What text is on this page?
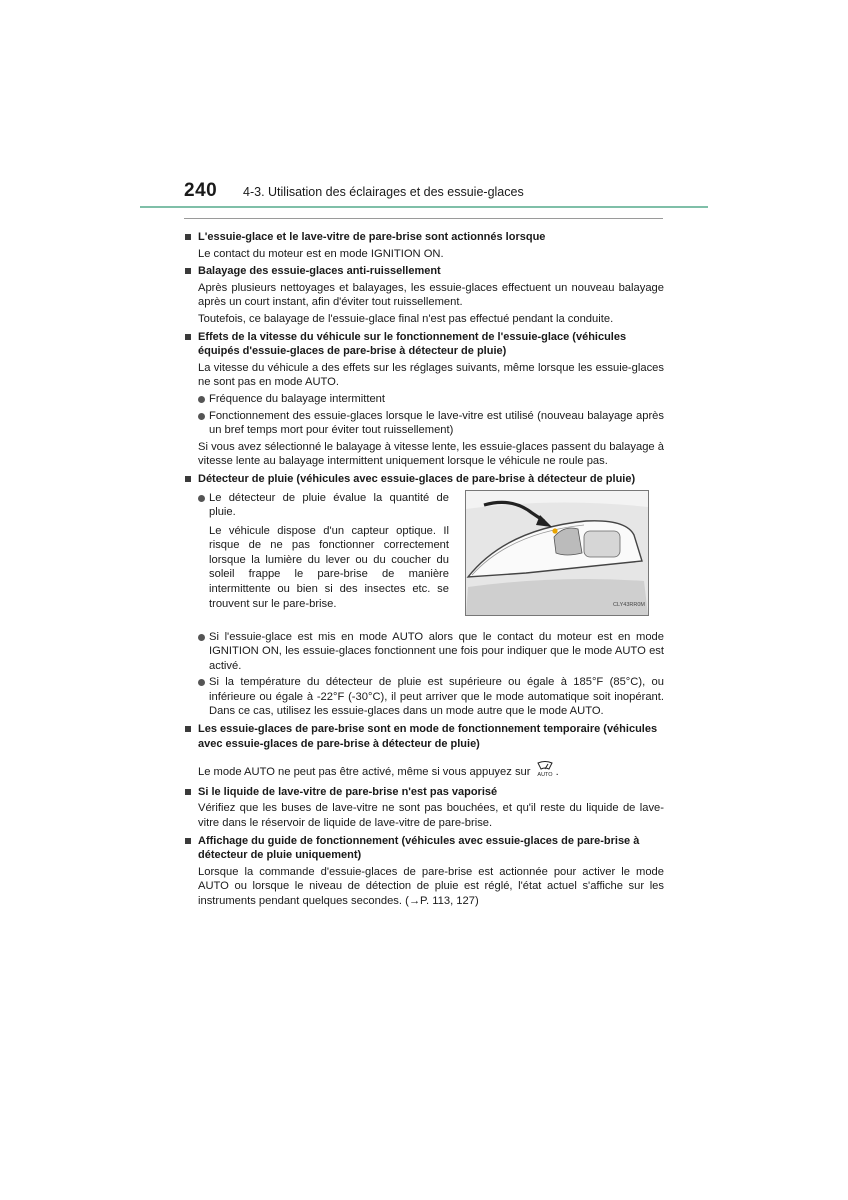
240 4-3. Utilisation des éclairages et des essuie-glaces
L'essuie-glace et le lave-vitre de pare-brise sont actionnés lorsque
Le contact du moteur est en mode IGNITION ON.
Balayage des essuie-glaces anti-ruissellement
Après plusieurs nettoyages et balayages, les essuie-glaces effectuent un nouveau balayage après un court instant, afin d'éviter tout ruissellement.
Toutefois, ce balayage de l'essuie-glace final n'est pas effectué pendant la conduite.
Effets de la vitesse du véhicule sur le fonctionnement de l'essuie-glace (véhicules équipés d'essuie-glaces de pare-brise à détecteur de pluie)
La vitesse du véhicule a des effets sur les réglages suivants, même lorsque les essuie-glaces ne sont pas en mode AUTO.
Fréquence du balayage intermittent
Fonctionnement des essuie-glaces lorsque le lave-vitre est utilisé (nouveau balayage après un bref temps mort pour éviter tout ruissellement)
Si vous avez sélectionné le balayage à vitesse lente, les essuie-glaces passent du balayage à vitesse lente au balayage intermittent uniquement lorsque le véhicule ne roule pas.
Détecteur de pluie (véhicules avec essuie-glaces de pare-brise à détecteur de pluie)
Le détecteur de pluie évalue la quantité de pluie.
Le véhicule dispose d'un capteur optique. Il risque de ne pas fonctionner correctement lorsque la lumière du lever ou du coucher du soleil frappe le pare-brise de manière intermittente ou bien si des insectes etc. se trouvent sur le pare-brise.	CLY43RR0M
Si l'essuie-glace est mis en mode AUTO alors que le contact du moteur est en mode IGNITION ON, les essuie-glaces fonctionnent une fois pour indiquer que le mode AUTO est activé.
Si la température du détecteur de pluie est supérieure ou égale à 185°F (85°C), ou inférieure ou égale à -22°F (-30°C), il peut arriver que le mode automatique soit inopérant. Dans ce cas, utilisez les essuie-glaces dans un mode autre que le mode AUTO.
Les essuie-glaces de pare-brise sont en mode de fonctionnement temporaire (véhicules avec essuie-glaces de pare-brise à détecteur de pluie)
Le mode AUTO ne peut pas être activé, même si vous appuyez sur AUTO .
Si le liquide de lave-vitre de pare-brise n'est pas vaporisé
Vérifiez que les buses de lave-vitre ne sont pas bouchées, et qu'il reste du liquide de lave-vitre dans le réservoir de liquide de lave-vitre de pare-brise.
Affichage du guide de fonctionnement (véhicules avec essuie-glaces de pare-brise à détecteur de pluie uniquement)
Lorsque la commande d'essuie-glaces de pare-brise est actionnée pour activer le mode AUTO ou lorsque le niveau de détection de pluie est réglé, l'état actuel s'affiche sur les instruments pendant quelques secondes. (→P. 113, 127)
